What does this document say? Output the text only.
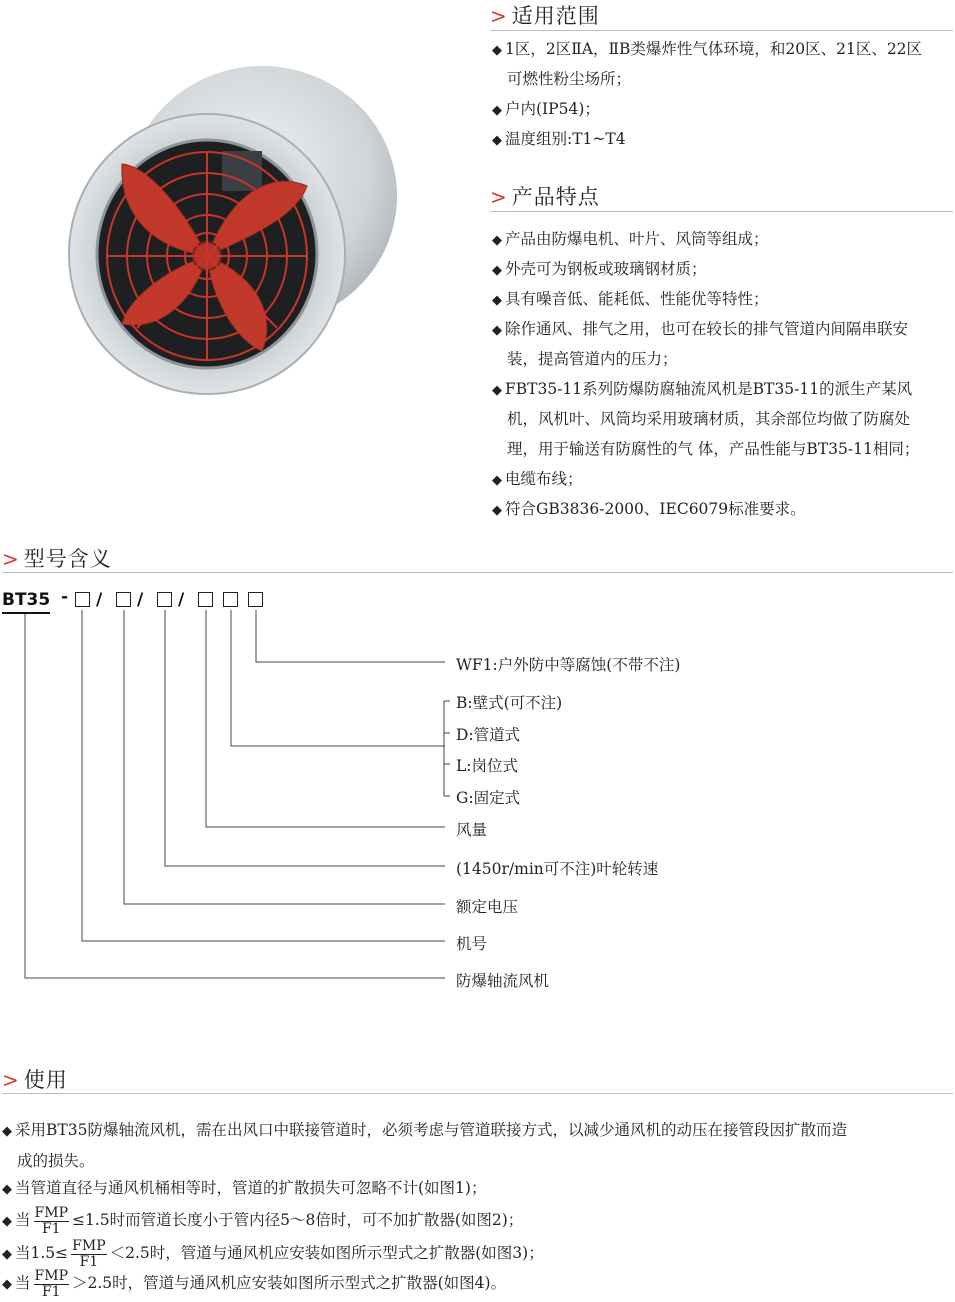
> 适用范围
◆ 1区，2区ⅡA，ⅡB类爆炸性气体环境，和20区、21区、22区
可燃性粉尘场所；
◆ 户内(IP54)；
◆ 温度组别:T1~T4
> 产品特点
◆ 产品由防爆电机、叶片、风筒等组成；
◆ 外壳可为钢板或玻璃钢材质；
◆ 具有噪音低、能耗低、性能优等特性；
◆ 除作通风、排气之用，也可在较长的排气管道内间隔串联安
装，提高管道内的压力；
◆ FBT35-11系列防爆防腐轴流风机是BT35-11的派生产某风
机，风机叶、风筒均采用玻璃材质，其余部位均做了防腐处
理，用于输送有防腐性的气 体，产品性能与BT35-11相同；
◆ 电缆布线；
◆ 符合GB3836-2000、IEC6079标准要求。
> 型号含义
BT35 - / / /
WF1:户外防中等腐蚀(不带不注)
B:壁式(可不注)
D:管道式
L:岗位式
G:固定式
风量
(1450r/min可不注)叶轮转速
额定电压
机号
防爆轴流风机
> 使用
◆ 采用BT35防爆轴流风机，需在出风口中联接管道时，必须考虑与管道联接方式，以减少通风机的动压在接管段因扩散而造
成的损失。
◆ 当管道直径与通风机桶相等时，管道的扩散损失可忽略不计(如图1)；
◆ 当 $\frac{\text{FMP}}{F1} \le 1.5$时而管道长度小于管内径5～8倍时，可不加扩散器(如图2)；
◆ 当$1.5\le \frac{\text{FMP}}{F1} <2.5$时，管道与通风机应安装如图所示型式之扩散器(如图3)；
◆ 当 $\frac{\text{FMP}}{F1} >2.5$时，管道与通风机应安装如图所示型式之扩散器(如图4)。
